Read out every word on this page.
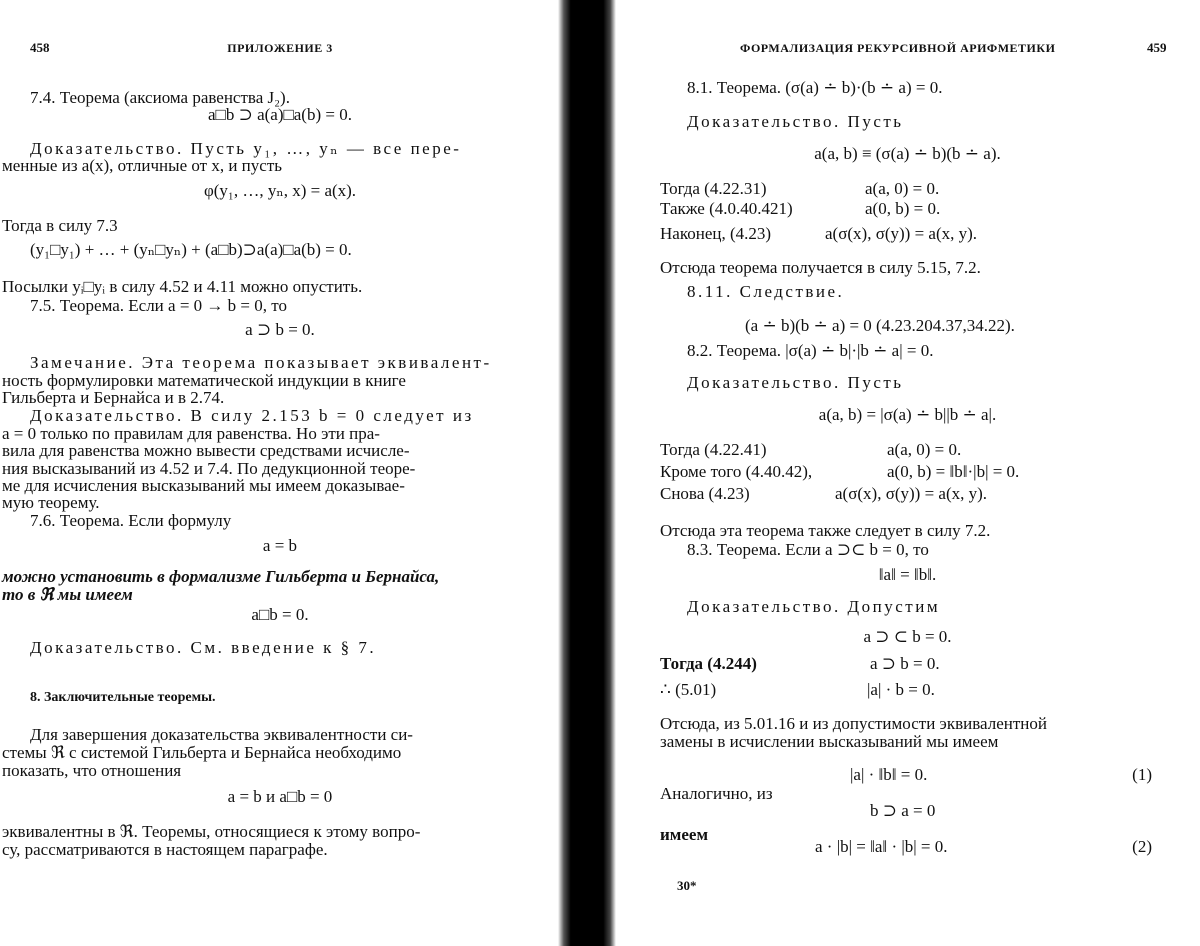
458	ПРИЛОЖЕНИЕ 3
7.4. Теорема (аксиома равенства J₂).
a□b ⊃ a(a)□a(b) = 0.
Доказательство. Пусть y₁, …, yₙ — все пере-
менные из a(x), отличные от x, и пусть
φ(y₁, …, yₙ, x) = a(x).
Тогда в силу 7.3
(y₁□y₁) + … + (yₙ□yₙ) + (a□b)⊃a(a)□a(b) = 0.
Посылки yᵢ□yᵢ в силу 4.52 и 4.11 можно опустить.
7.5. Теорема. Если a = 0 → b = 0, то
a ⊃ b = 0.
Замечание. Эта теорема показывает эквивалент-
ность формулировки математической индукции в книге
Гильберта и Бернайса и в 2.74.
Доказательство. В силу 2.153 b = 0 следует из
a = 0 только по правилам для равенства. Но эти пра-
вила для равенства можно вывести средствами исчисле-
ния высказываний из 4.52 и 7.4. По дедукционной теоре-
ме для исчисления высказываний мы имеем доказывае-
мую теорему.
7.6. Теорема. Если формулу
a = b
можно установить в формализме Гильберта и Бернайса,
то в ℜ мы имеем
a□b = 0.
Доказательство. См. введение к § 7.
8. Заключительные теоремы.
Для завершения доказательства эквивалентности си-
стемы ℜ с системой Гильберта и Бернайса необходимо
показать, что отношения
a = b и a□b = 0
эквивалентны в ℜ. Теоремы, относящиеся к этому вопро-
су, рассматриваются в настоящем параграфе.
ФОРМАЛИЗАЦИЯ РЕКУРСИВНОЙ АРИФМЕТИКИ	459
30*
8.1. Теорема. (σ(a) ∸ b)·(b ∸ a) = 0.
Доказательство. Пусть
a(a, b) ≡ (σ(a) ∸ b)(b ∸ a).
Тогда (4.22.31)	a(a, 0) = 0.
Также (4.0.40.421)	a(0, b) = 0.
Наконец, (4.23)	a(σ(x), σ(y)) = a(x, y).
Отсюда теорема получается в силу 5.15, 7.2.
8.11. Следствие.
(a ∸ b)(b ∸ a) = 0 (4.23.204.37,34.22).
8.2. Теорема. |σ(a) ∸ b|·|b ∸ a| = 0.
Доказательство. Пусть
a(a, b) = |σ(a) ∸ b||b ∸ a|.
Тогда (4.22.41)	a(a, 0) = 0.
Кроме того (4.40.42),	a(0, b) = ‖b‖·|b| = 0.
Снова (4.23)	a(σ(x), σ(y)) = a(x, y).
Отсюда эта теорема также следует в силу 7.2.
8.3. Теорема. Если a ⊃⊂ b = 0, то
‖a‖ = ‖b‖.
Доказательство. Допустим
a ⊃ ⊂ b = 0.
Тогда (4.244)	a ⊃ b = 0.
∴ (5.01)	|a| · b = 0.
Отсюда, из 5.01.16 и из допустимости эквивалентной
замены в исчислении высказываний мы имеем
|a| · ‖b‖ = 0.
Аналогично, из
b ⊃ a = 0
имеем
a · |b| = ‖a‖ · |b| = 0.
(1)
(2)
